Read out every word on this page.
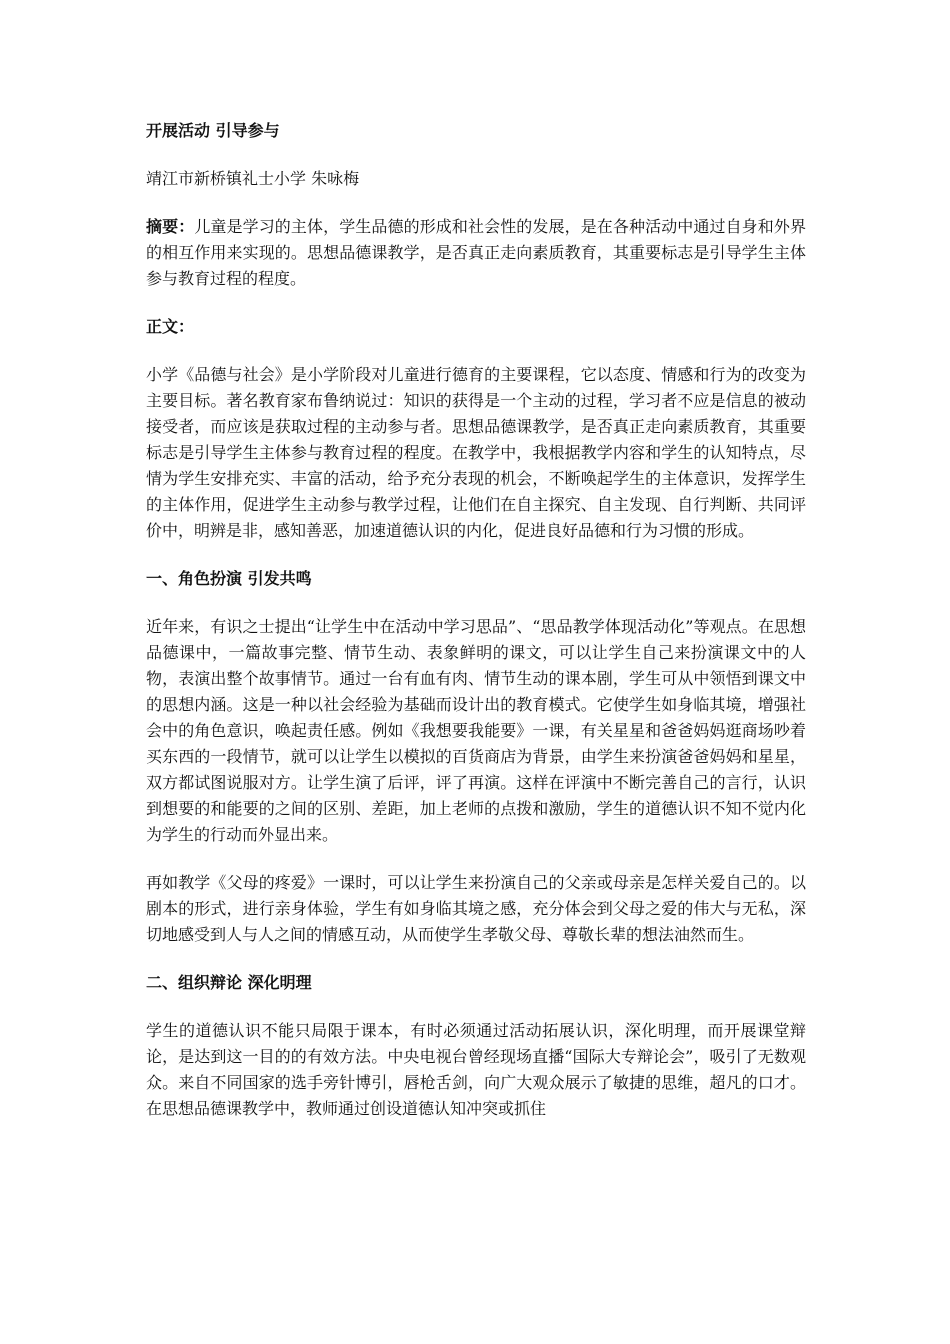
开展活动 引导参与
靖江市新桥镇礼士小学 朱咏梅
摘要：儿童是学习的主体，学生品德的形成和社会性的发展，是在各种活动中通过自身和外界的相互作用来实现的。思想品德课教学，是否真正走向素质教育，其重要标志是引导学生主体参与教育过程的程度。
正文：
小学《品德与社会》是小学阶段对儿童进行德育的主要课程，它以态度、情感和行为的改变为主要目标。著名教育家布鲁纳说过：知识的获得是一个主动的过程，学习者不应是信息的被动接受者，而应该是获取过程的主动参与者。思想品德课教学，是否真正走向素质教育，其重要标志是引导学生主体参与教育过程的程度。在教学中，我根据教学内容和学生的认知特点，尽情为学生安排充实、丰富的活动，给予充分表现的机会，不断唤起学生的主体意识，发挥学生的主体作用，促进学生主动参与教学过程，让他们在自主探究、自主发现、自行判断、共同评价中，明辨是非，感知善恶，加速道德认识的内化，促进良好品德和行为习惯的形成。
一、角色扮演 引发共鸣
近年来，有识之士提出“让学生中在活动中学习思品”、“思品教学体现活动化”等观点。在思想品德课中，一篇故事完整、情节生动、表象鲜明的课文，可以让学生自己来扮演课文中的人物，表演出整个故事情节。通过一台有血有肉、情节生动的课本剧，学生可从中领悟到课文中的思想内涵。这是一种以社会经验为基础而设计出的教育模式。它使学生如身临其境，增强社会中的角色意识，唤起责任感。例如《我想要我能要》一课，有关星星和爸爸妈妈逛商场吵着买东西的一段情节，就可以让学生以模拟的百货商店为背景，由学生来扮演爸爸妈妈和星星，双方都试图说服对方。让学生演了后评，评了再演。这样在评演中不断完善自己的言行，认识到想要的和能要的之间的区别、差距，加上老师的点拨和激励，学生的道德认识不知不觉内化为学生的行动而外显出来。
再如教学《父母的疼爱》一课时，可以让学生来扮演自己的父亲或母亲是怎样关爱自己的。以剧本的形式，进行亲身体验，学生有如身临其境之感，充分体会到父母之爱的伟大与无私，深切地感受到人与人之间的情感互动，从而使学生孝敬父母、尊敬长辈的想法油然而生。
二、组织辩论 深化明理
学生的道德认识不能只局限于课本，有时必须通过活动拓展认识，深化明理，而开展课堂辩论，是达到这一目的的有效方法。中央电视台曾经现场直播“国际大专辩论会”，吸引了无数观众。来自不同国家的选手旁针博引，唇枪舌剑，向广大观众展示了敏捷的思维，超凡的口才。在思想品德课教学中，教师通过创设道德认知冲突或抓住
